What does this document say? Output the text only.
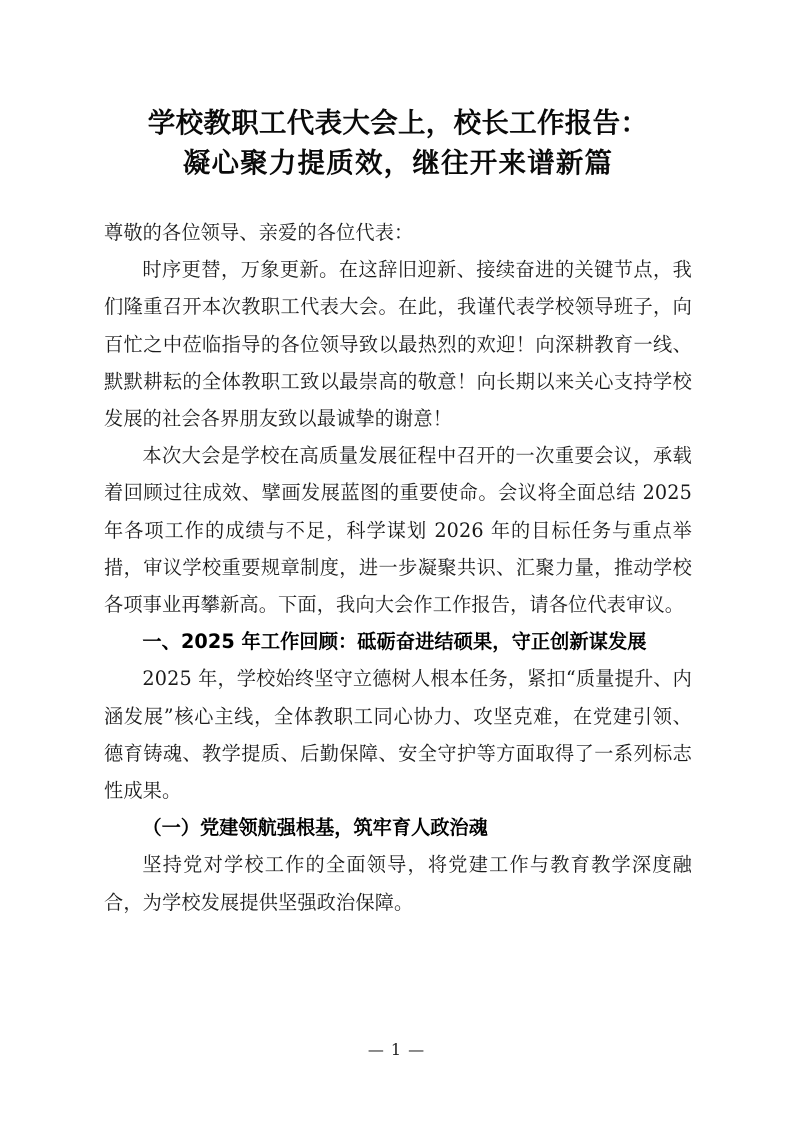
学校教职工代表大会上，校长工作报告：
凝心聚力提质效，继往开来谱新篇

尊敬的各位领导、亲爱的各位代表：

时序更替，万象更新。在这辞旧迎新、接续奋进的关键节点，我们隆重召开本次教职工代表大会。在此，我谨代表学校领导班子，向百忙之中莅临指导的各位领导致以最热烈的欢迎！向深耕教育一线、默默耕耘的全体教职工致以最崇高的敬意！向长期以来关心支持学校发展的社会各界朋友致以最诚挚的谢意！

本次大会是学校在高质量发展征程中召开的一次重要会议，承载着回顾过往成效、擘画发展蓝图的重要使命。会议将全面总结 2025 年各项工作的成绩与不足，科学谋划 2026 年的目标任务与重点举措，审议学校重要规章制度，进一步凝聚共识、汇聚力量，推动学校各项事业再攀新高。下面，我向大会作工作报告，请各位代表审议。

一、2025 年工作回顾：砥砺奋进结硕果，守正创新谋发展

2025 年，学校始终坚守立德树人根本任务，紧扣“质量提升、内涵发展”核心主线，全体教职工同心协力、攻坚克难，在党建引领、德育铸魂、教学提质、后勤保障、安全守护等方面取得了一系列标志性成果。

（一）党建领航强根基，筑牢育人政治魂

坚持党对学校工作的全面领导，将党建工作与教育教学深度融合，为学校发展提供坚强政治保障。

— 1 —
